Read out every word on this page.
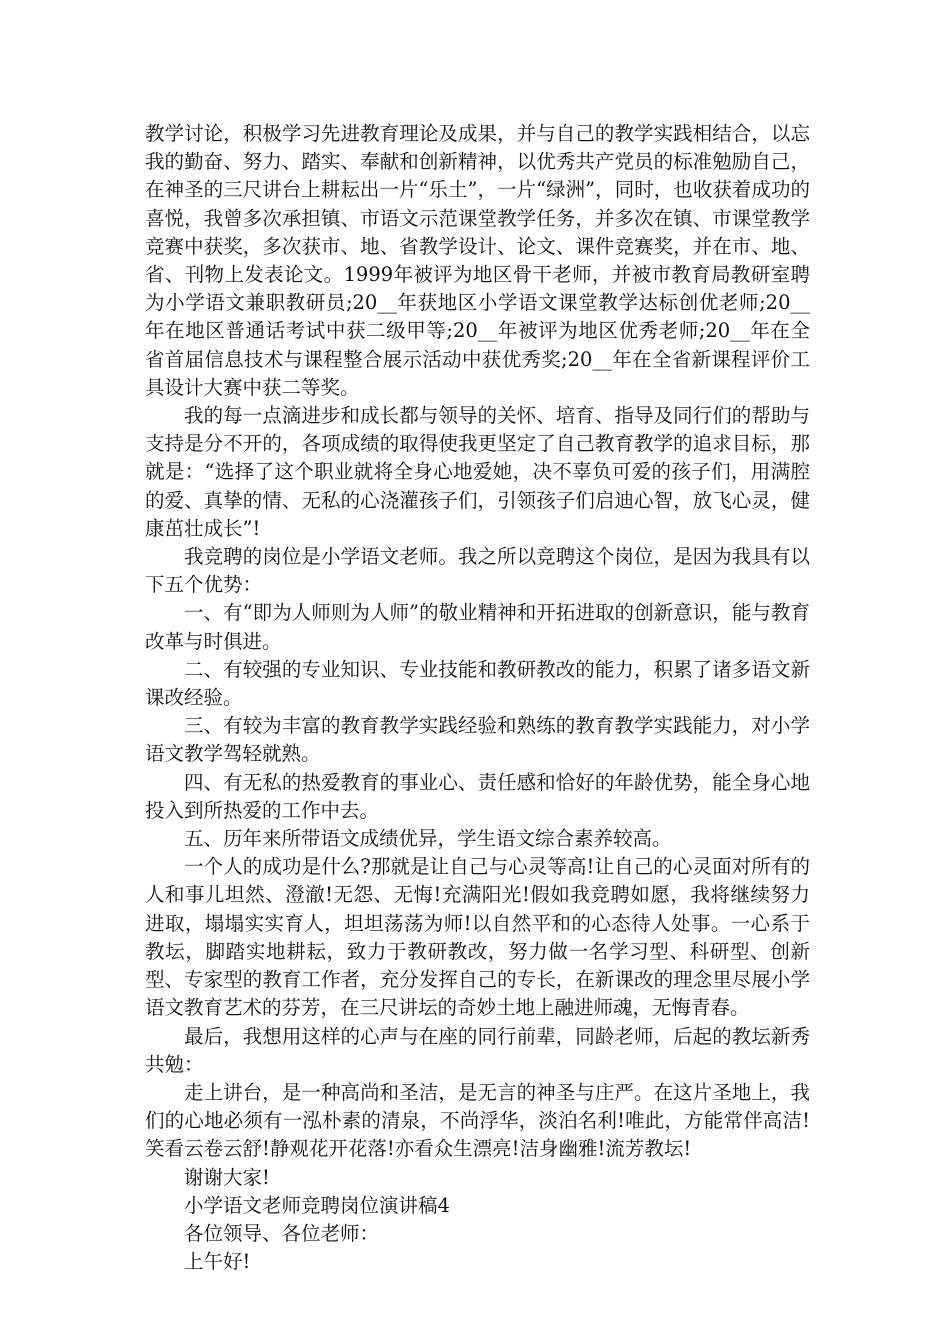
教学讨论，积极学习先进教育理论及成果，并与自己的教学实践相结合，以忘我的勤奋、努力、踏实、奉献和创新精神，以优秀共产党员的标准勉励自己，在神圣的三尺讲台上耕耘出一片“乐土”，一片“绿洲”，同时，也收获着成功的喜悦，我曾多次承担镇、市语文示范课堂教学任务，并多次在镇、市课堂教学竞赛中获奖，多次获市、地、省教学设计、论文、课件竞赛奖，并在市、地、省、刊物上发表论文。1999年被评为地区骨干老师，并被市教育局教研室聘为小学语文兼职教研员;20__年获地区小学语文课堂教学达标创优老师;20__年在地区普通话考试中获二级甲等;20__年被评为地区优秀老师;20__年在全省首届信息技术与课程整合展示活动中获优秀奖;20__年在全省新课程评价工具设计大赛中获二等奖。

我的每一点滴进步和成长都与领导的关怀、培育、指导及同行们的帮助与支持是分不开的，各项成绩的取得使我更坚定了自己教育教学的追求目标，那就是：“选择了这个职业就将全身心地爱她，决不辜负可爱的孩子们，用满腔的爱、真挚的情、无私的心浇灌孩子们，引领孩子们启迪心智，放飞心灵，健康茁壮成长”!

我竞聘的岗位是小学语文老师。我之所以竞聘这个岗位，是因为我具有以下五个优势：

一、有“即为人师则为人师”的敬业精神和开拓进取的创新意识，能与教育改革与时俱进。

二、有较强的专业知识、专业技能和教研教改的能力，积累了诸多语文新课改经验。

三、有较为丰富的教育教学实践经验和熟练的教育教学实践能力，对小学语文教学驾轻就熟。

四、有无私的热爱教育的事业心、责任感和恰好的年龄优势，能全身心地投入到所热爱的工作中去。

五、历年来所带语文成绩优异，学生语文综合素养较高。

一个人的成功是什么?那就是让自己与心灵等高!让自己的心灵面对所有的人和事儿坦然、澄澈!无怨、无悔!充满阳光!假如我竞聘如愿，我将继续努力进取，塌塌实实育人，坦坦荡荡为师!以自然平和的心态待人处事。一心系于教坛，脚踏实地耕耘，致力于教研教改，努力做一名学习型、科研型、创新型、专家型的教育工作者，充分发挥自己的专长，在新课改的理念里尽展小学语文教育艺术的芬芳，在三尺讲坛的奇妙土地上融进师魂，无悔青春。

最后，我想用这样的心声与在座的同行前辈，同龄老师，后起的教坛新秀共勉：

走上讲台，是一种高尚和圣洁，是无言的神圣与庄严。在这片圣地上，我们的心地必须有一泓朴素的清泉，不尚浮华，淡泊名利!唯此，方能常伴高洁!笑看云卷云舒!静观花开花落!亦看众生漂亮!洁身幽雅!流芳教坛!

谢谢大家!

小学语文老师竞聘岗位演讲稿4

各位领导、各位老师：

上午好!
